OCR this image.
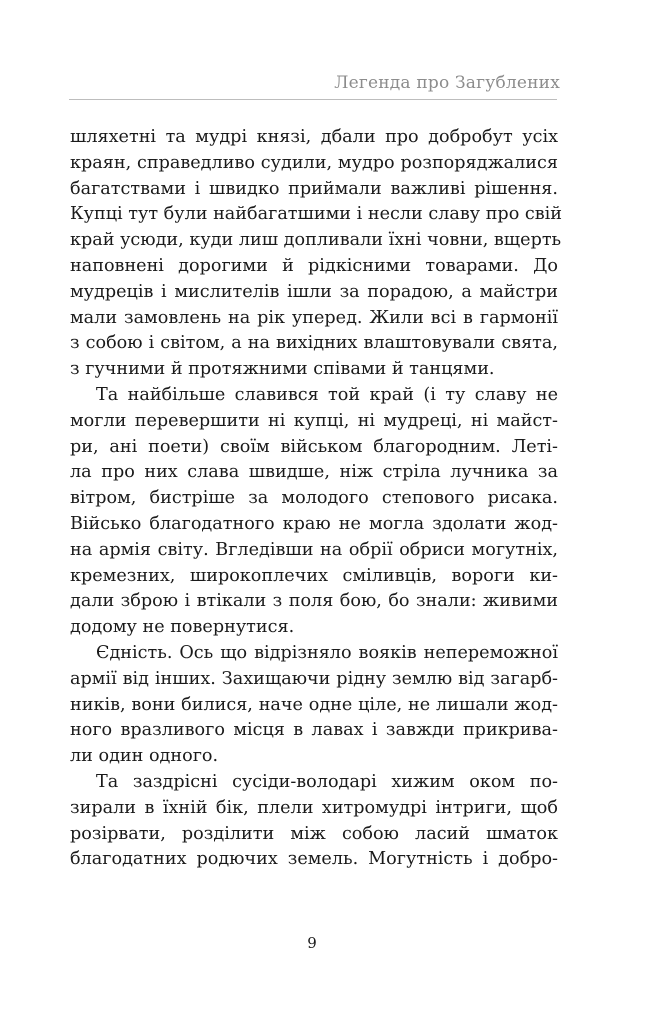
Легенда про Загублених
шляхетні та мудрі князі, дбали про добробут усіх
краян, справедливо судили, мудро розпоряджалися
багатствами і швидко приймали важливі рішення.
Купці тут були найбагатшими і несли славу про свій
край усюди, куди лиш допливали їхні човни, вщерть
наповнені дорогими й рідкісними товарами. До
мудреців і мислителів ішли за порадою, а майстри
мали замовлень на рік уперед. Жили всі в гармонії
з собою і світом, а на вихідних влаштовували свята,
з гучними й протяжними співами й танцями.
Та найбільше славився той край (і ту славу не
могли перевершити ні купці, ні мудреці, ні майст-
ри, ані поети) своїм військом благородним. Леті-
ла про них слава швидше, ніж стріла лучника за
вітром, бистріше за молодого степового рисака.
Військо благодатного краю не могла здолати жод-
на армія світу. Вгледівши на обрії обриси могутніх,
кремезних, широкоплечих сміливців, вороги ки-
дали зброю і втікали з поля бою, бо знали: живими
додому не повернутися.
Єдність. Ось що відрізняло вояків непереможної
армії від інших. Захищаючи рідну землю від загарб-
ників, вони билися, наче одне ціле, не лишали жод-
ного вразливого місця в лавах і завжди прикрива-
ли один одного.
Та заздрісні сусіди-володарі хижим оком по-
зирали в їхній бік, плели хитромудрі інтриги, щоб
розірвати, розділити між собою ласий шматок
благодатних родючих земель. Могутність і добро-
9
